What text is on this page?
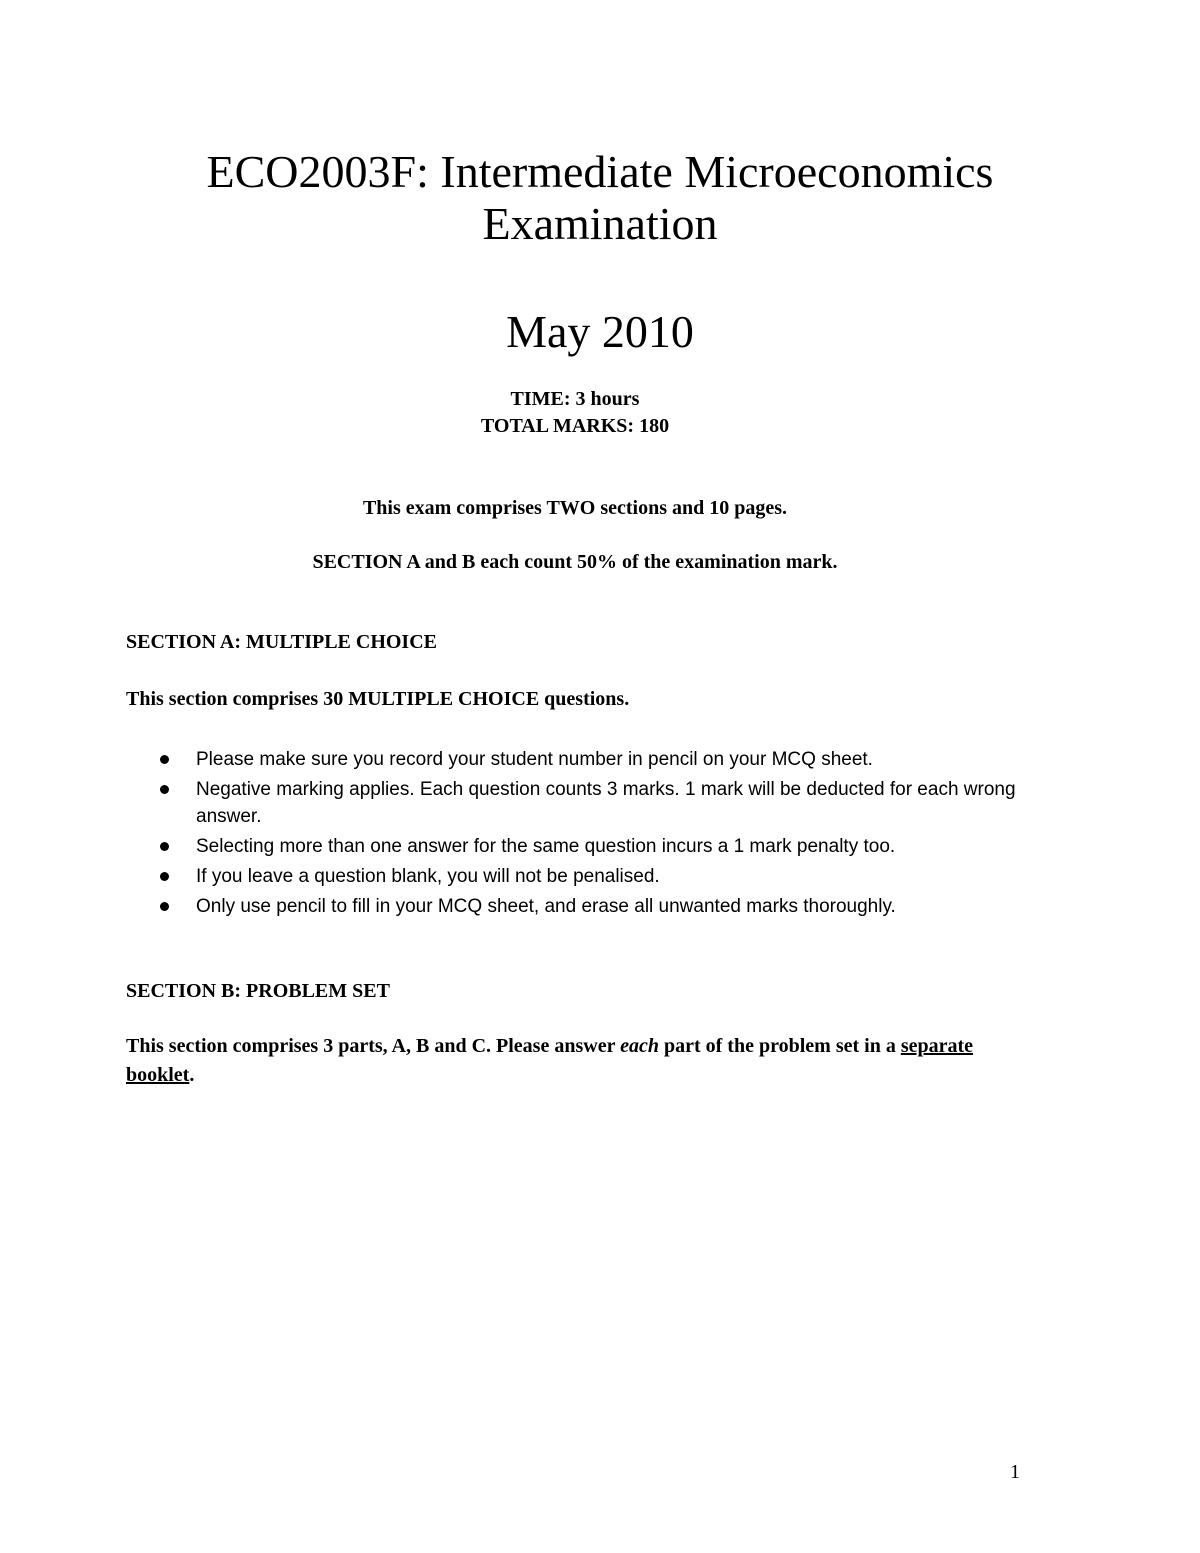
ECO2003F: Intermediate Microeconomics
Examination
May 2010
TIME: 3 hours
TOTAL MARKS: 180
This exam comprises TWO sections and 10 pages.
SECTION A and B each count 50% of the examination mark.
SECTION A: MULTIPLE CHOICE
This section comprises 30 MULTIPLE CHOICE questions.
Please make sure you record your student number in pencil on your MCQ sheet.
Negative marking applies. Each question counts 3 marks. 1 mark will be deducted for each wrong answer.
Selecting more than one answer for the same question incurs a 1 mark penalty too.
If you leave a question blank, you will not be penalised.
Only use pencil to fill in your MCQ sheet, and erase all unwanted marks thoroughly.
SECTION B: PROBLEM SET
This section comprises 3 parts, A, B and C. Please answer each part of the problem set in a separate booklet.
1
